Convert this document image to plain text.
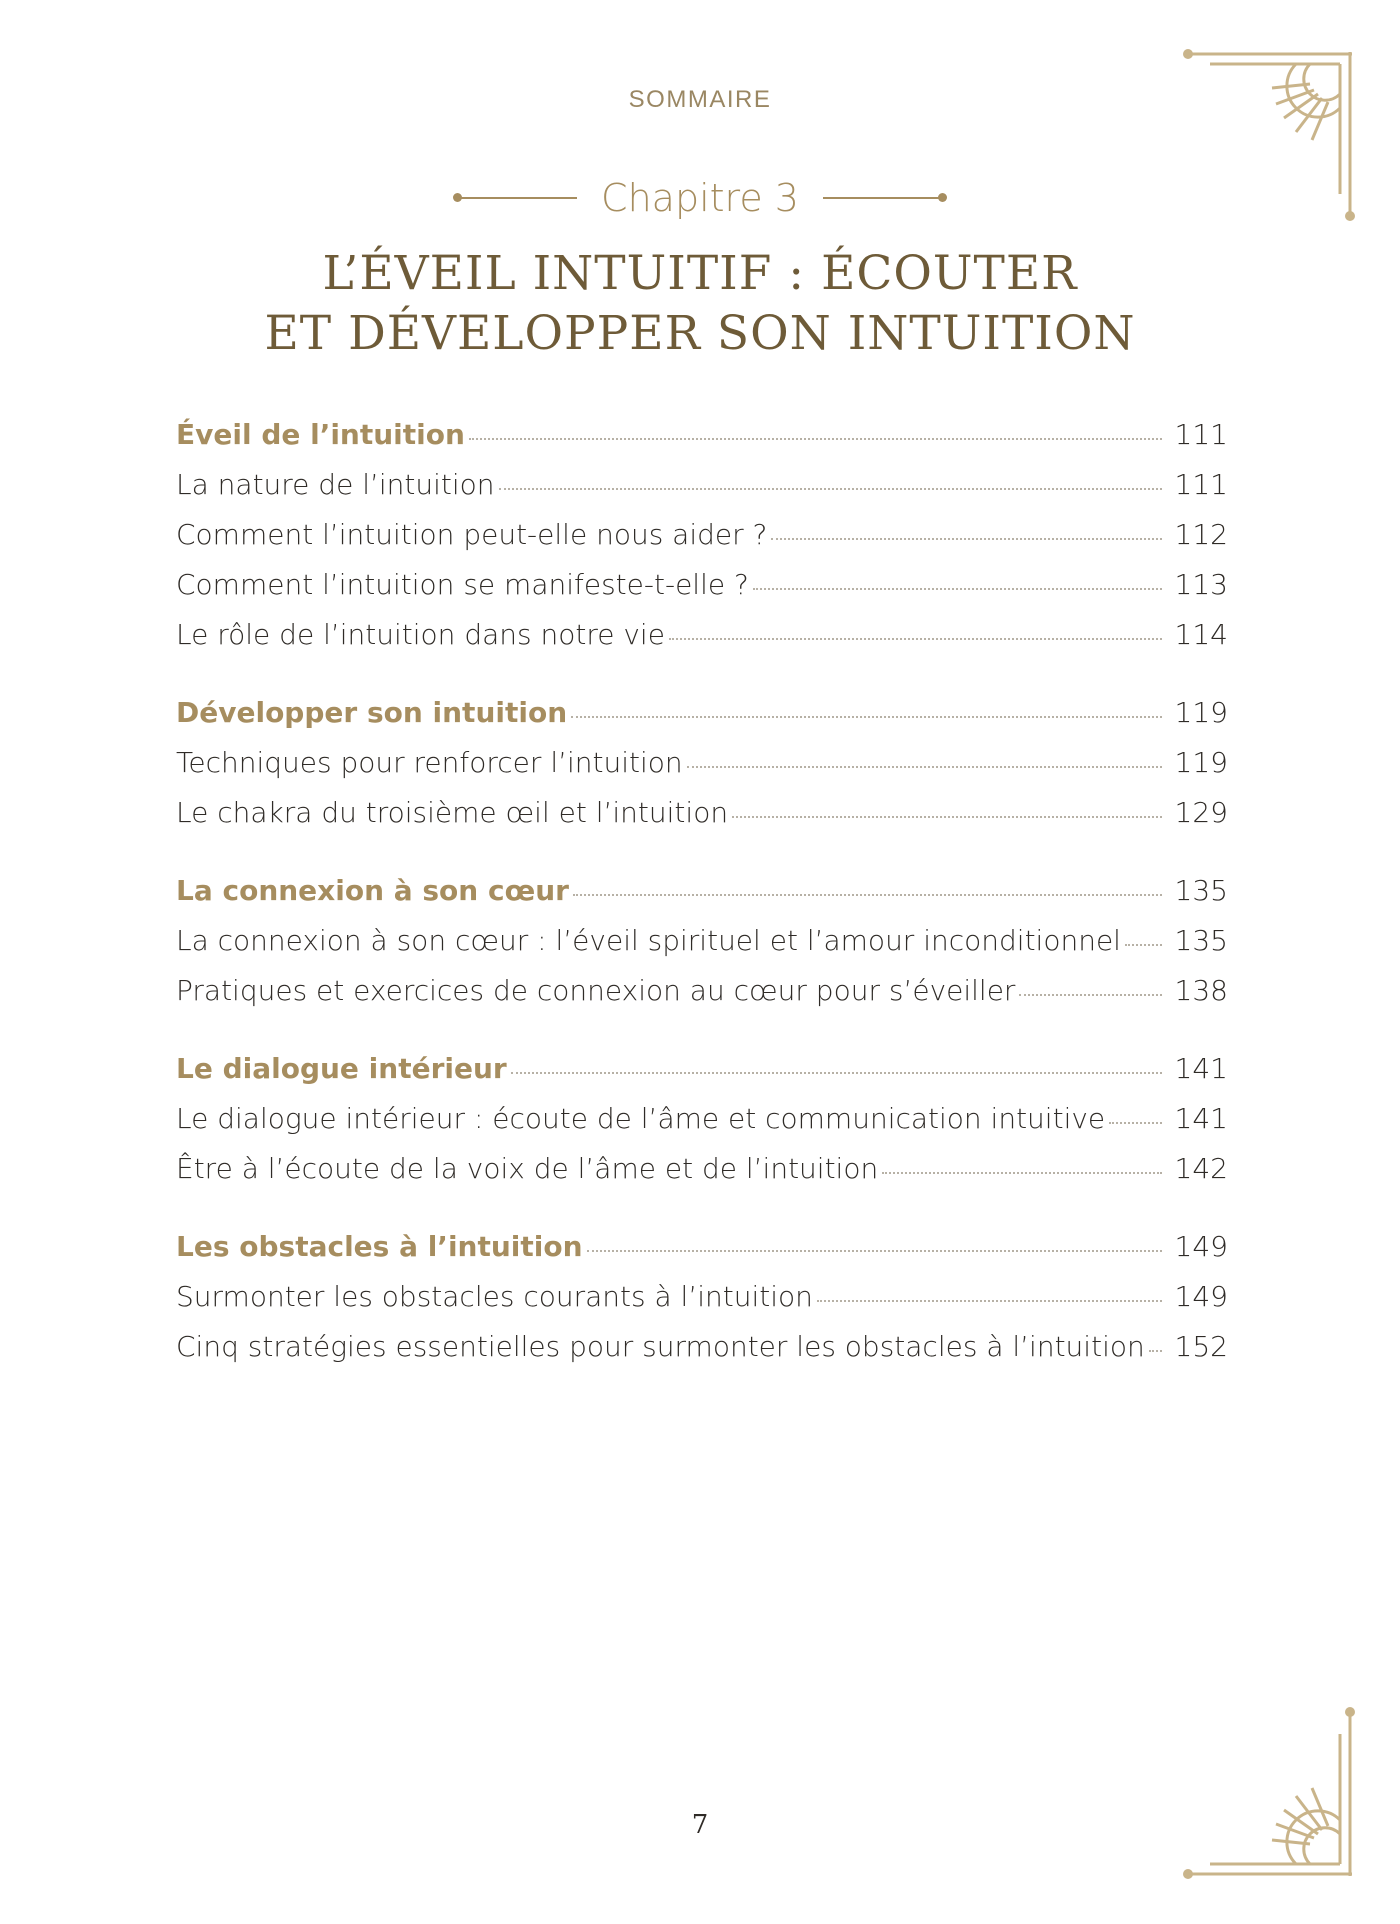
SOMMAIRE
Chapitre 3
L’ÉVEIL INTUITIF : ÉCOUTER
ET DÉVELOPPER SON INTUITION
Éveil de l’intuition	111
La nature de l’intuition	111
Comment l’intuition peut-elle nous aider ?	112
Comment l’intuition se manifeste-t-elle ?	113
Le rôle de l’intuition dans notre vie	114
Développer son intuition	119
Techniques pour renforcer l’intuition	119
Le chakra du troisième œil et l’intuition	129
La connexion à son cœur	135
La connexion à son cœur : l’éveil spirituel et l’amour inconditionnel 135
Pratiques et exercices de connexion au cœur pour s’éveiller	138
Le dialogue intérieur	141
Le dialogue intérieur : écoute de l’âme et communication intuitive 141
Être à l’écoute de la voix de l’âme et de l’intuition	142
Les obstacles à l’intuition	149
Surmonter les obstacles courants à l’intuition	149
Cinq stratégies essentielles pour surmonter les obstacles à l’intuition 152
7
